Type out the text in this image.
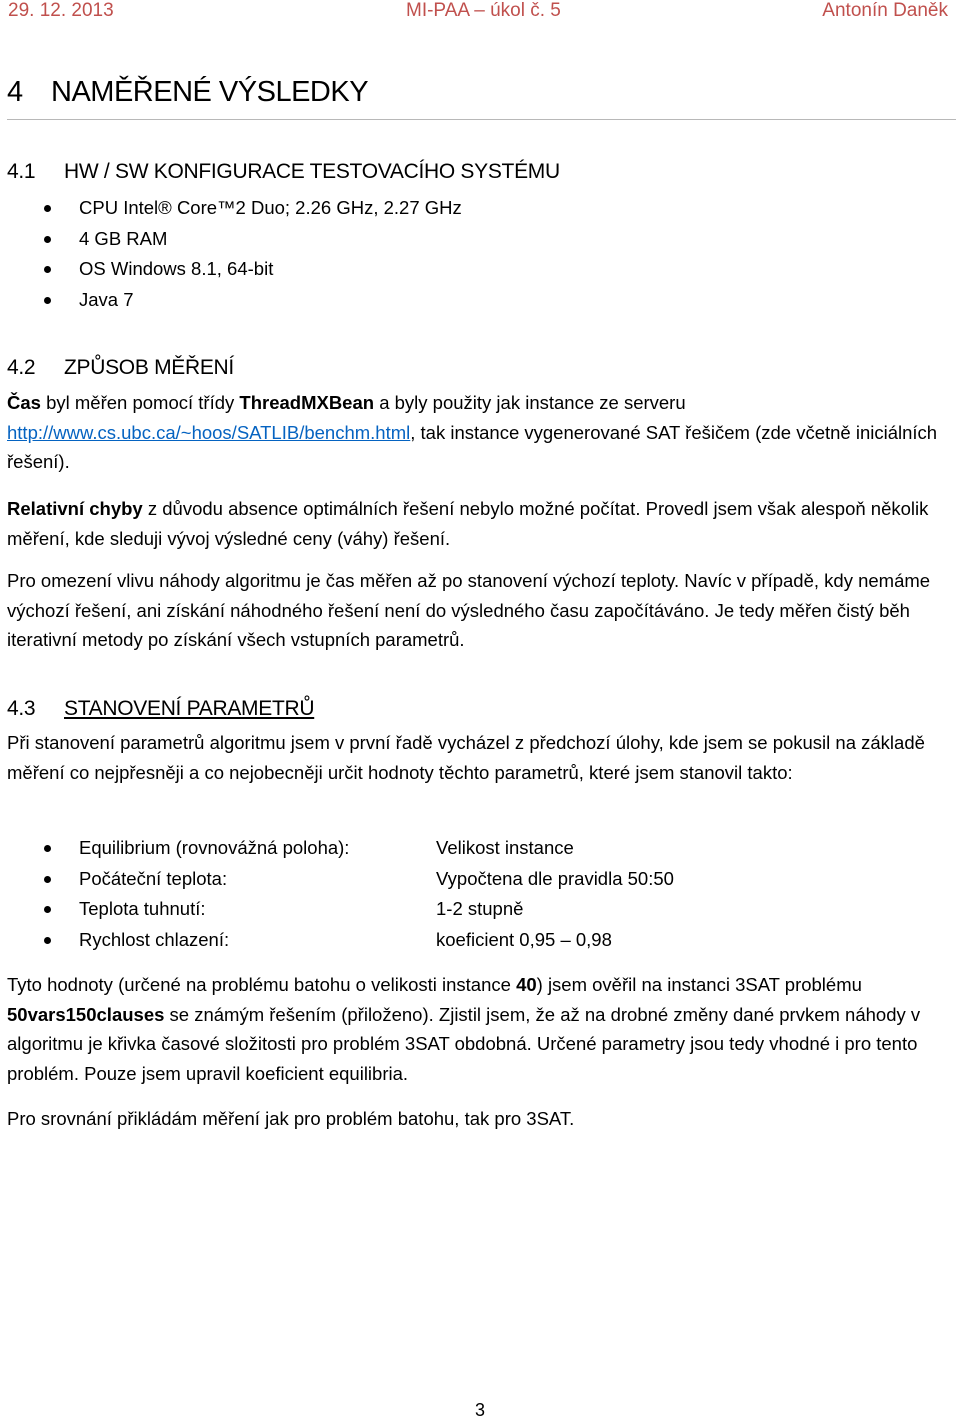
29. 12. 2013	MI-PAA – úkol č. 5	Antonín Daněk
4 NAMĚŘENÉ VÝSLEDKY
4.1 HW / SW KONFIGURACE TESTOVACÍHO SYSTÉMU
CPU Intel® Core™2 Duo; 2.26 GHz, 2.27 GHz
4 GB RAM
OS Windows 8.1, 64-bit
Java 7
4.2 ZPŮSOB MĚŘENÍ

Čas byl měřen pomocí třídy ThreadMXBean a byly použity jak instance ze serveru
http://www.cs.ubc.ca/~hoos/SATLIB/benchm.html, tak instance vygenerované SAT řešičem (zde včetně iniciálních řešení).

Relativní chyby z důvodu absence optimálních řešení nebylo možné počítat. Provedl jsem však alespoň několik měření, kde sleduji vývoj výsledné ceny (váhy) řešení.

Pro omezení vlivu náhody algoritmu je čas měřen až po stanovení výchozí teploty. Navíc v případě, kdy nemáme výchozí řešení, ani získání náhodného řešení není do výsledného času započítáváno. Je tedy měřen čistý běh iterativní metody po získání všech vstupních parametrů.

4.3 STANOVENÍ PARAMETRŮ

Při stanovení parametrů algoritmu jsem v první řadě vycházel z předchozí úlohy, kde jsem se pokusil na základě měření co nejpřesněji a co nejobecněji určit hodnoty těchto parametrů, které jsem stanovil takto:

Equilibrium (rovnovážná poloha):	Velikost instance
Počáteční teplota:	Vypočtena dle pravidla 50:50
Teplota tuhnutí:	1-2 stupně
Rychlost chlazení:	koeficient 0,95 – 0,98

Tyto hodnoty (určené na problému batohu o velikosti instance 40) jsem ověřil na instanci 3SAT problému 50vars150clauses se známým řešením (přiloženo). Zjistil jsem, že až na drobné změny dané prvkem náhody v algoritmu je křivka časové složitosti pro problém 3SAT obdobná. Určené parametry jsou tedy vhodné i pro tento problém. Pouze jsem upravil koeficient equilibria.

Pro srovnání přikládám měření jak pro problém batohu, tak pro 3SAT.

3
